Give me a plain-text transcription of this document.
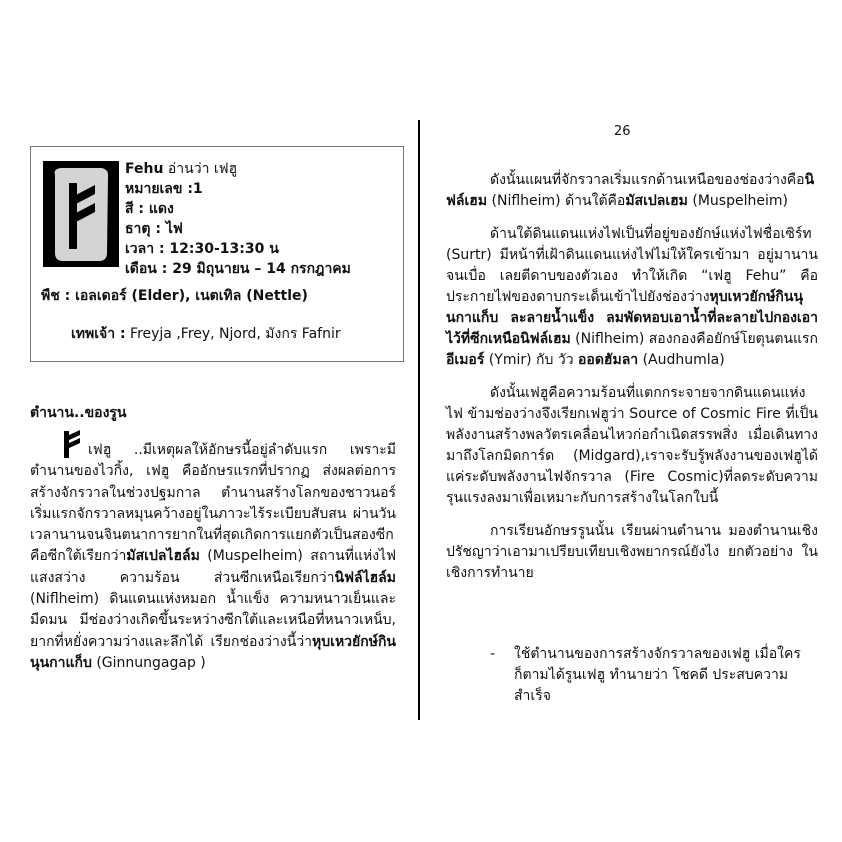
26
Fehu อ่านว่า เฟฮู
หมายเลข :1
สี : แดง
ธาตุ : ไฟ
เวลา : 12:30-13:30 น
เดือน : 29 มิถุนายน – 14 กรกฎาคม
พืช : เอลเดอร์ (Elder), เนตเทิล (Nettle)
เทพเจ้า : Freyja ,Frey, Njord, มังกร Fafnir
ตำนาน..ของรูน

เฟฮู ..มีเหตุผลให้อักษรนี้อยู่ลำดับแรก เพราะมีตำนานของไวกิ้ง, เฟฮู คืออักษรแรกที่ปรากฏ ส่งผลต่อการสร้างจักรวาลในช่วงปฐมกาล ตำนานสร้างโลกของชาวนอร์ เริ่มแรกจักรวาลหมุนคว้างอยู่ในภาวะไร้ระเบียบสับสน ผ่านวันเวลานานจนจินตนาการยากในที่สุดเกิดการแยกตัวเป็นสองซีกคือซีกใต้เรียกว่ามัสเปลไฮล์ม (Muspelheim) สถานที่แห่งไฟ แสงสว่าง ความร้อน ส่วนซีกเหนือเรียกว่านิฟล์ไฮล์ม (Niflheim) ดินแดนแห่งหมอก น้ำแข็ง ความหนาวเย็นและมืดมน มีช่องว่างเกิดขึ้นระหว่างซีกใต้และเหนือที่หนาวเหน็บ, ยากที่หยั่งความว่างและลึกได้ เรียกช่องว่างนี้ว่าหุบเหวยักษ์กินนุนกาแก็บ (Ginnungagap )

ดังนั้นแผนที่จักรวาลเริ่มแรกด้านเหนือของช่องว่างคือนิฟล์เฮม (Niflheim) ด้านใต้คือมัสเปลเฮม (Muspelheim)

ด้านใต้ดินแดนแห่งไฟเป็นที่อยู่ของยักษ์แห่งไฟชื่อเซิร์ท (Surtr) มีหน้าที่เฝ้าดินแดนแห่งไฟไม่ให้ใครเข้ามา อยู่มานานจนเบื่อ เลยตีดาบของตัวเอง ทำให้เกิด “เฟฮู Fehu” คือประกายไฟของดาบกระเด็นเข้าไปยังช่องว่างหุบเหวยักษ์กินนุนกาแก็บ ละลายน้ำแข็ง ลมพัดหอบเอาน้ำที่ละลายไปกองเอาไว้ที่ซีกเหนือนิฟล์เฮม (Niflheim) สองกองคือยักษ์โยตุนตนแรก อีเมอร์ (Ymir) กับ วัว ออดฮัมลา (Audhumla)

ดังนั้นเฟฮูคือความร้อนที่แตกกระจายจากดินแดนแห่งไฟ ข้ามช่องว่างจึงเรียกเฟฮูว่า Source of Cosmic Fire ที่เป็นพลังงานสร้างพลวัตรเคลื่อนไหวก่อกำเนิดสรรพสิ่ง เมื่อเดินทางมาถึงโลกมิดการ์ด (Midgard),เราจะรับรู้พลังงานของเฟฮูได้แค่ระดับพลังงานไฟจักรวาล (Fire Cosmic)ที่ลดระดับความรุนแรงลงมาเพื่อเหมาะกับการสร้างในโลกใบนี้

การเรียนอักษรรูนนั้น เรียนผ่านตำนาน มองตำนานเชิงปรัชญาว่าเอามาเปรียบเทียบเชิงพยากรณ์ยังไง ยกตัวอย่าง ในเชิงการทำนาย

- ใช้ตำนานของการสร้างจักรวาลของเฟฮู เมื่อใครก็ตามได้รูนเฟฮู ทำนายว่า โชคดี ประสบความสำเร็จ
